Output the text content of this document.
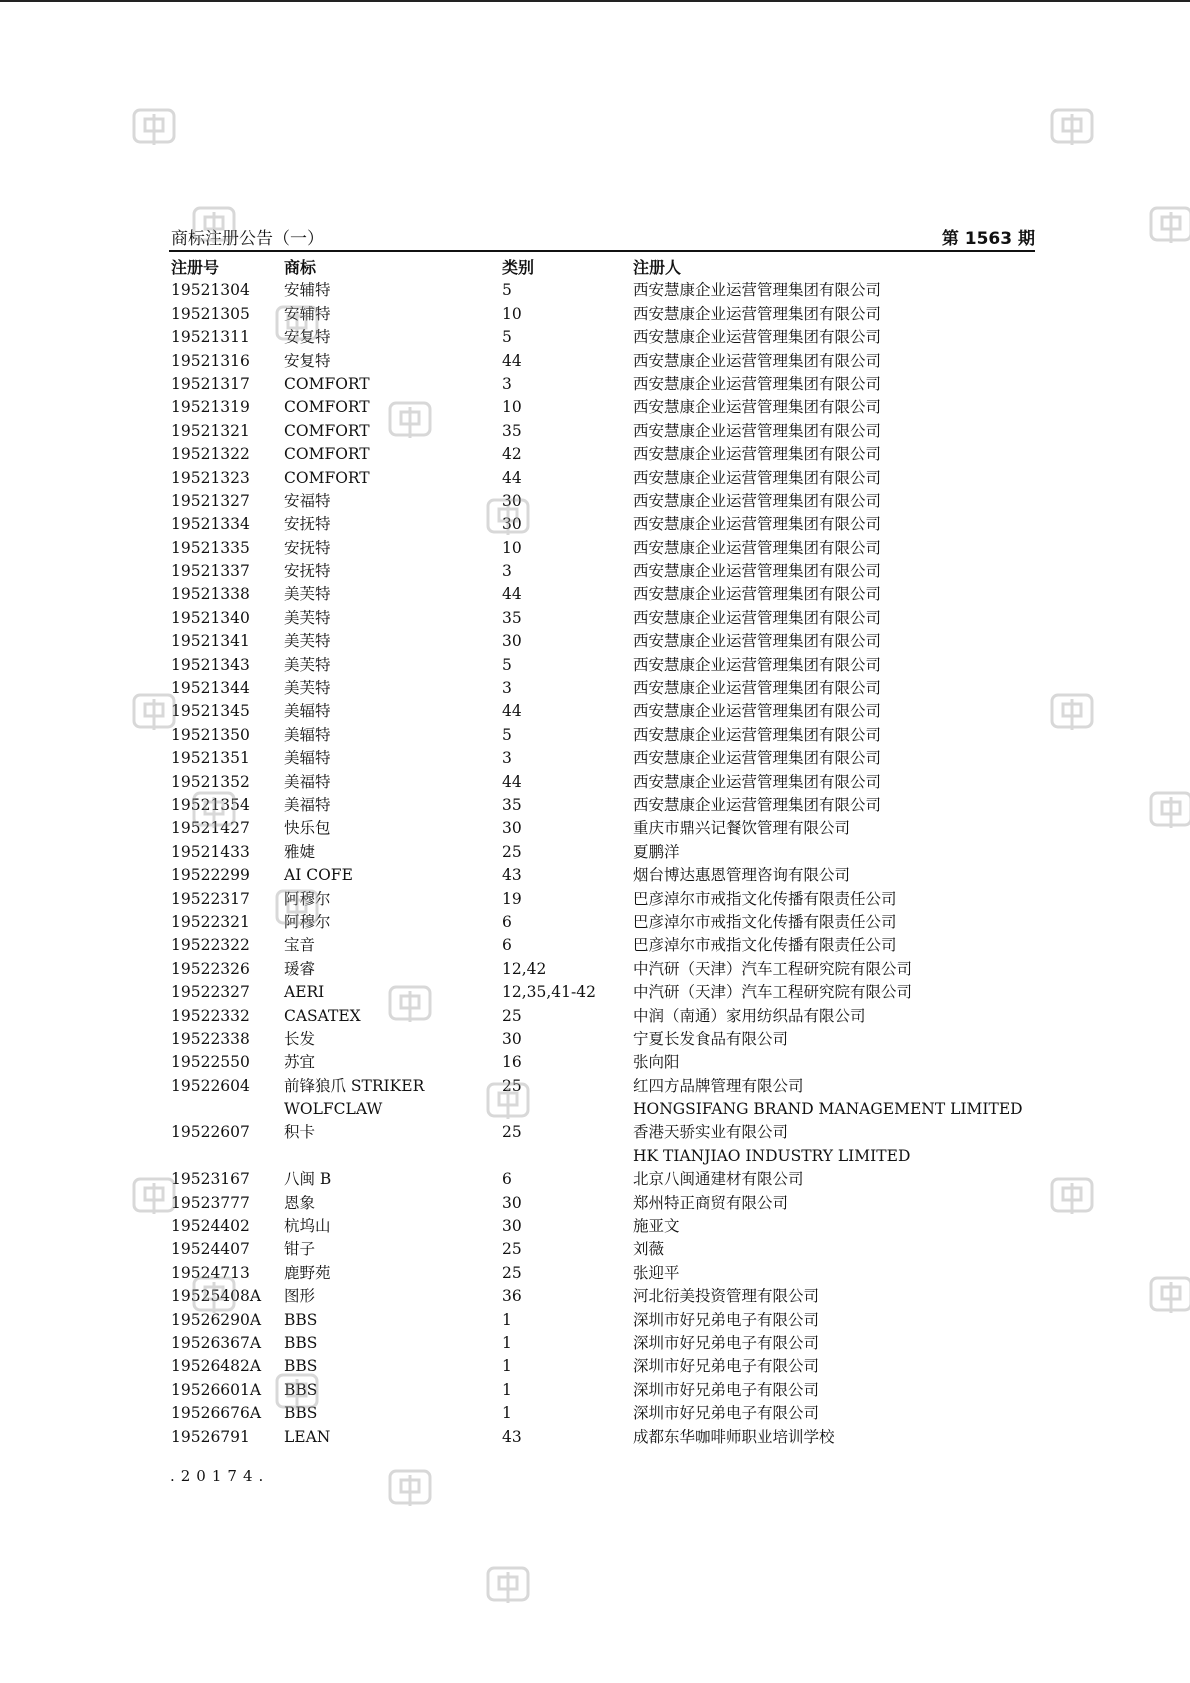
商标注册公告（一）	第 1563 期
注册号	商标	类别	注册人
19521304 安辅特	5	西安慧康企业运营管理集团有限公司
19521305 安辅特	10	西安慧康企业运营管理集团有限公司
19521311 安复特	5	西安慧康企业运营管理集团有限公司
19521316 安复特	44	西安慧康企业运营管理集团有限公司
19521317 COMFORT	3	西安慧康企业运营管理集团有限公司
19521319 COMFORT	10	西安慧康企业运营管理集团有限公司
19521321 COMFORT	35	西安慧康企业运营管理集团有限公司
19521322 COMFORT	42	西安慧康企业运营管理集团有限公司
19521323 COMFORT	44	西安慧康企业运营管理集团有限公司
19521327 安福特	30	西安慧康企业运营管理集团有限公司
19521334 安抚特	30	西安慧康企业运营管理集团有限公司
19521335 安抚特	10	西安慧康企业运营管理集团有限公司
19521337 安抚特	3	西安慧康企业运营管理集团有限公司
19521338 美芙特	44	西安慧康企业运营管理集团有限公司
19521340 美芙特	35	西安慧康企业运营管理集团有限公司
19521341 美芙特	30	西安慧康企业运营管理集团有限公司
19521343 美芙特	5	西安慧康企业运营管理集团有限公司
19521344 美芙特	3	西安慧康企业运营管理集团有限公司
19521345 美辐特	44	西安慧康企业运营管理集团有限公司
19521350 美辐特	5	西安慧康企业运营管理集团有限公司
19521351 美辐特	3	西安慧康企业运营管理集团有限公司
19521352 美福特	44	西安慧康企业运营管理集团有限公司
19521354 美福特	35	西安慧康企业运营管理集团有限公司
19521427 快乐包	30	重庆市鼎兴记餐饮管理有限公司
19521433 雅婕	25	夏鹏洋
19522299 AI COFE	43	烟台博达惠恩管理咨询有限公司
19522317 阿穆尔	19	巴彦淖尔市戒指文化传播有限责任公司
19522321 阿穆尔	6	巴彦淖尔市戒指文化传播有限责任公司
19522322 宝音	6	巴彦淖尔市戒指文化传播有限责任公司
19522326 瑗睿	12,42	中汽研（天津）汽车工程研究院有限公司
19522327 AERI	12,35,41-42 中汽研（天津）汽车工程研究院有限公司
19522332 CASATEX	25	中润（南通）家用纺织品有限公司
19522338 长发	30	宁夏长发食品有限公司
19522550 苏宜	16	张向阳
19522604 前锋狼爪 STRIKER	25	红四方品牌管理有限公司
WOLFCLAW	HONGSIFANG BRAND MANAGEMENT LIMITED
19522607 积卡	25	香港天骄实业有限公司
HK TIANJIAO INDUSTRY LIMITED
19523167 八闽 B	6	北京八闽通建材有限公司
19523777 恩象	30	郑州特正商贸有限公司
19524402 杭坞山	30	施亚文
19524407 钳子	25	刘薇
19524713 鹿野苑	25	张迎平
19525408A 图形	36	河北衍美投资管理有限公司
19526290A BBS	1	深圳市好兄弟电子有限公司
19526367A BBS	1	深圳市好兄弟电子有限公司
19526482A BBS	1	深圳市好兄弟电子有限公司
19526601A BBS	1	深圳市好兄弟电子有限公司
19526676A BBS	1	深圳市好兄弟电子有限公司
19526791 LEAN	43	成都东华咖啡师职业培训学校
.20174.
